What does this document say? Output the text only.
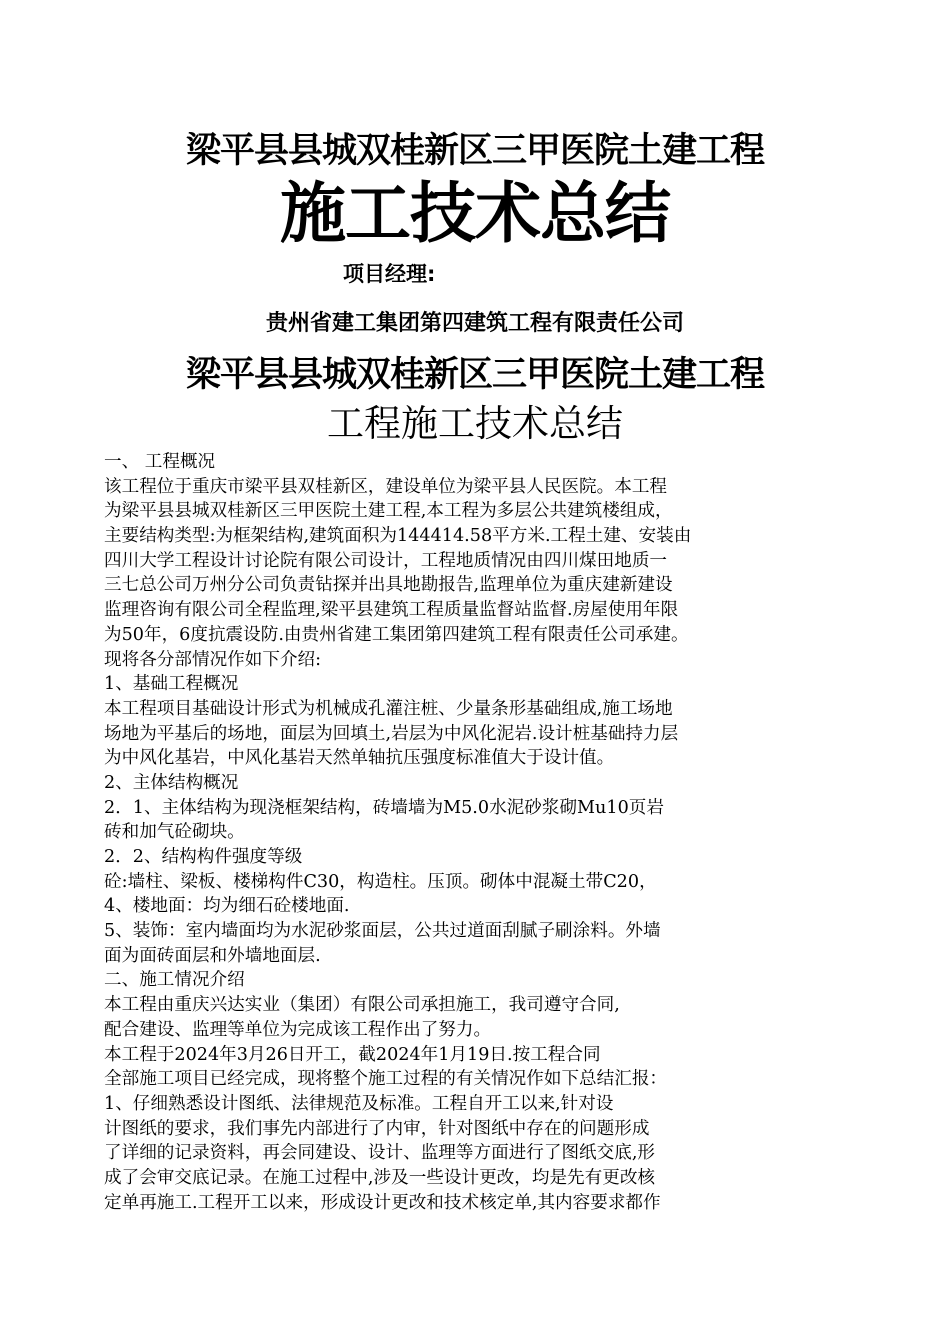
梁平县县城双桂新区三甲医院土建工程
施工技术总结
项目经理:
贵州省建工集团第四建筑工程有限责任公司
梁平县县城双桂新区三甲医院土建工程
工程施工技术总结
一、 工程概况
该工程位于重庆市梁平县双桂新区，建设单位为梁平县人民医院。本工程
为梁平县县城双桂新区三甲医院土建工程,本工程为多层公共建筑楼组成，
主要结构类型:为框架结构,建筑面积为144414.58平方米.工程土建、安装由
四川大学工程设计讨论院有限公司设计，工程地质情况由四川煤田地质一
三七总公司万州分公司负责钻探并出具地勘报告,监理单位为重庆建新建设
监理咨询有限公司全程监理,梁平县建筑工程质量监督站监督.房屋使用年限
为50年，6度抗震设防.由贵州省建工集团第四建筑工程有限责任公司承建。
现将各分部情况作如下介绍:
1、基础工程概况
本工程项目基础设计形式为机械成孔灌注桩、少量条形基础组成,施工场地
场地为平基后的场地，面层为回填土,岩层为中风化泥岩.设计桩基础持力层
为中风化基岩，中风化基岩天然单轴抗压强度标准值大于设计值。
2、主体结构概况
2．1、主体结构为现浇框架结构，砖墙墙为M5.0水泥砂浆砌Mu10页岩
砖和加气砼砌块。
2．2、结构构件强度等级
砼:墙柱、梁板、楼梯构件C30，构造柱。压顶。砌体中混凝土带C20，
4、楼地面：均为细石砼楼地面.
5、装饰：室内墙面均为水泥砂浆面层，公共过道面刮腻子刷涂料。外墙
面为面砖面层和外墙地面层.
二、施工情况介绍
本工程由重庆兴达实业（集团）有限公司承担施工，我司遵守合同,
配合建设、监理等单位为完成该工程作出了努力。
本工程于2024年3月26日开工，截2024年1月19日.按工程合同
全部施工项目已经完成，现将整个施工过程的有关情况作如下总结汇报：
1、仔细熟悉设计图纸、法律规范及标准。工程自开工以来,针对设
计图纸的要求，我们事先内部进行了内审，针对图纸中存在的问题形成
了详细的记录资料，再会同建设、设计、监理等方面进行了图纸交底,形
成了会审交底记录。在施工过程中,涉及一些设计更改，均是先有更改核
定单再施工.工程开工以来，形成设计更改和技术核定单,其内容要求都作
